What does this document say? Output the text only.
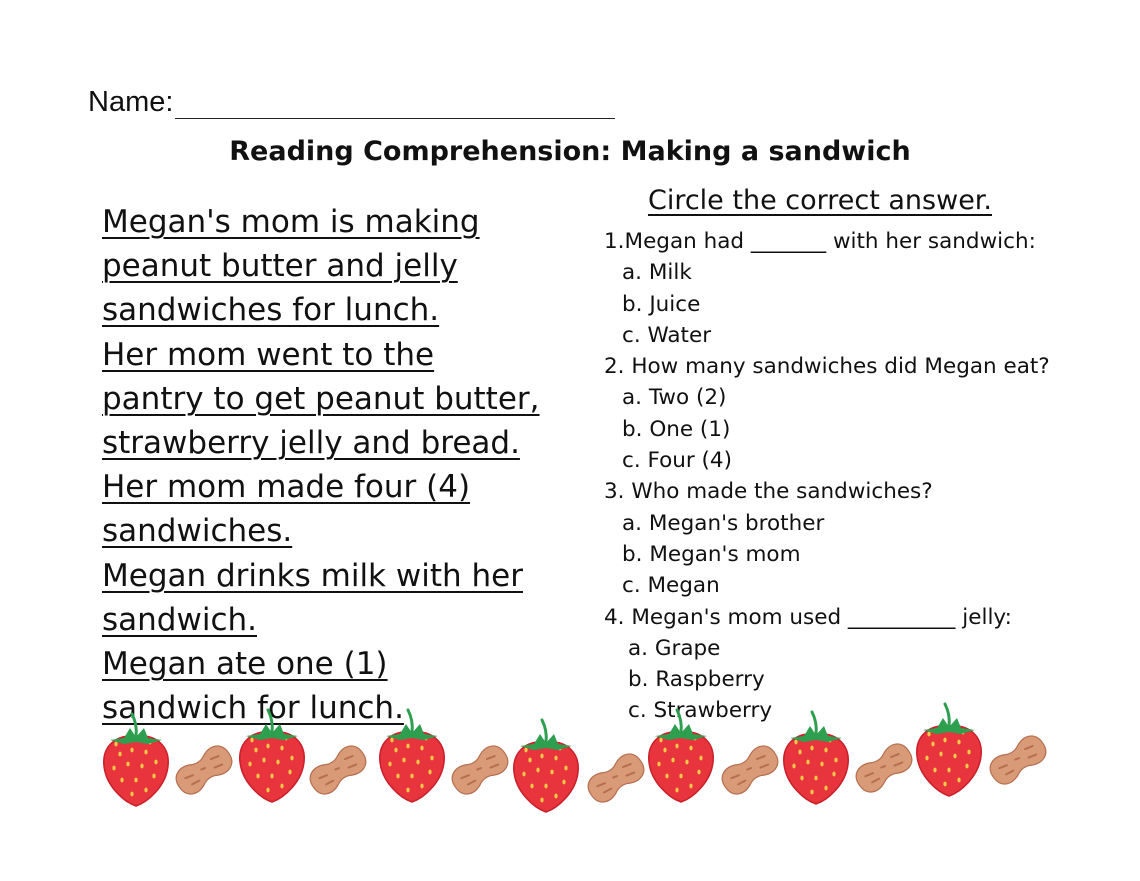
Name:
Reading Comprehension: Making a sandwich
Megan's mom is making peanut butter and jelly sandwiches for lunch.
Her mom went to the pantry to get peanut butter, strawberry jelly and bread.
Her mom made four (4) sandwiches.
Megan drinks milk with her sandwich.
Megan ate one (1) sandwich for lunch.
Circle the correct answer.
1.Megan had _______ with her sandwich:
a. Milk
b. Juice
c. Water
2. How many sandwiches did Megan eat?
a. Two (2)
b. One (1)
c. Four (4)
3. Who made the sandwiches?
a. Megan's brother
b. Megan's mom
c. Megan
4. Megan's mom used __________ jelly:
a. Grape
b. Raspberry
c. Strawberry
